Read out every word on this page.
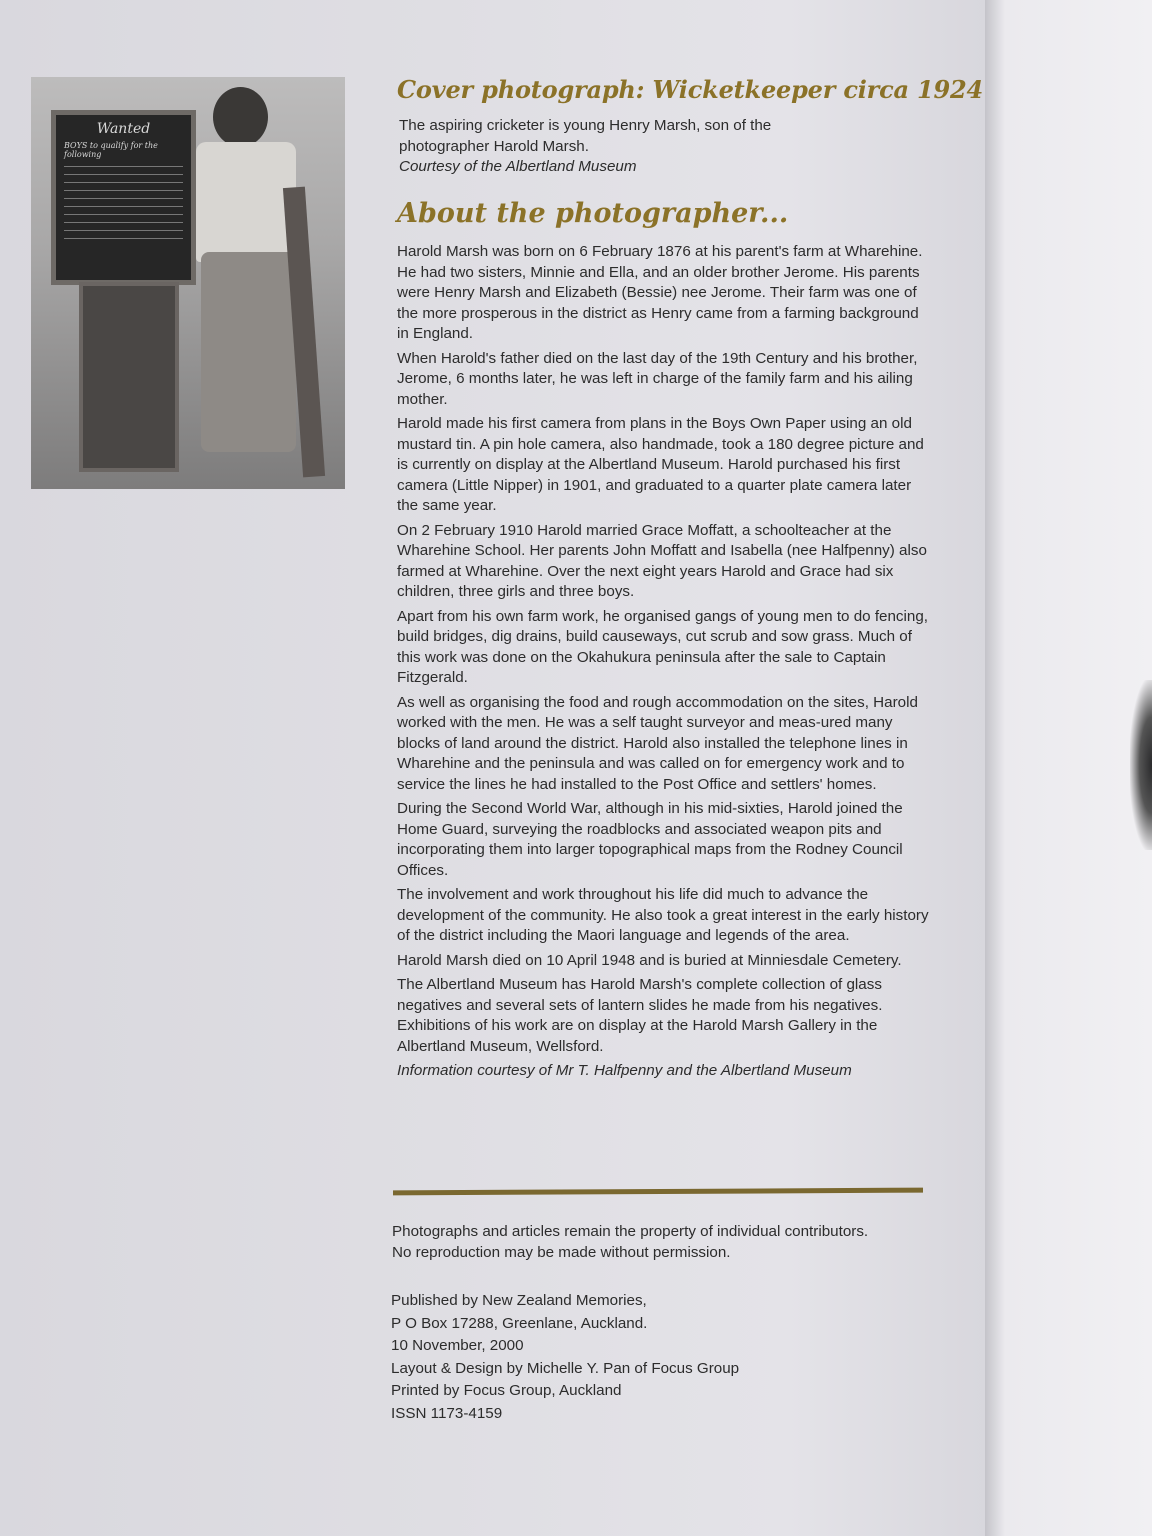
Wanted
BOYS to qualify for the following
Cover photograph: Wicketkeeper circa 1924
The aspiring cricketer is young Henry Marsh, son of the
photographer Harold Marsh.
Courtesy of the Albertland Museum
About the photographer...

Harold Marsh was born on 6 February 1876 at his parent's farm at Wharehine. He had two sisters, Minnie and Ella, and an older brother Jerome. His parents were Henry Marsh and Elizabeth (Bessie) nee Jerome. Their farm was one of the more prosperous in the district as Henry came from a farming background in England.

When Harold's father died on the last day of the 19th Century and his brother, Jerome, 6 months later, he was left in charge of the family farm and his ailing mother.

Harold made his first camera from plans in the Boys Own Paper using an old mustard tin. A pin hole camera, also handmade, took a 180 degree picture and is currently on display at the Albertland Museum. Harold purchased his first camera (Little Nipper) in 1901, and graduated to a quarter plate camera later the same year.

On 2 February 1910 Harold married Grace Moffatt, a schoolteacher at the Wharehine School. Her parents John Moffatt and Isabella (nee Halfpenny) also farmed at Wharehine. Over the next eight years Harold and Grace had six children, three girls and three boys.

Apart from his own farm work, he organised gangs of young men to do fencing, build bridges, dig drains, build causeways, cut scrub and sow grass. Much of this work was done on the Okahukura peninsula after the sale to Captain Fitzgerald.

As well as organising the food and rough accommodation on the sites, Harold worked with the men. He was a self taught surveyor and meas-ured many blocks of land around the district. Harold also installed the telephone lines in Wharehine and the peninsula and was called on for emergency work and to service the lines he had installed to the Post Office and settlers' homes.

During the Second World War, although in his mid-sixties, Harold joined the Home Guard, surveying the roadblocks and associated weapon pits and incorporating them into larger topographical maps from the Rodney Council Offices.

The involvement and work throughout his life did much to advance the development of the community. He also took a great interest in the early history of the district including the Maori language and legends of the area.

Harold Marsh died on 10 April 1948 and is buried at Minniesdale Cemetery.

The Albertland Museum has Harold Marsh's complete collection of glass negatives and several sets of lantern slides he made from his negatives. Exhibitions of his work are on display at the Harold Marsh Gallery in the Albertland Museum, Wellsford.

Information courtesy of Mr T. Halfpenny and the Albertland Museum

Photographs and articles remain the property of individual contributors.
No reproduction may be made without permission.
Published by New Zealand Memories,
P O Box 17288, Greenlane, Auckland.
10 November, 2000
Layout & Design by Michelle Y. Pan of Focus Group
Printed by Focus Group, Auckland
ISSN 1173-4159
